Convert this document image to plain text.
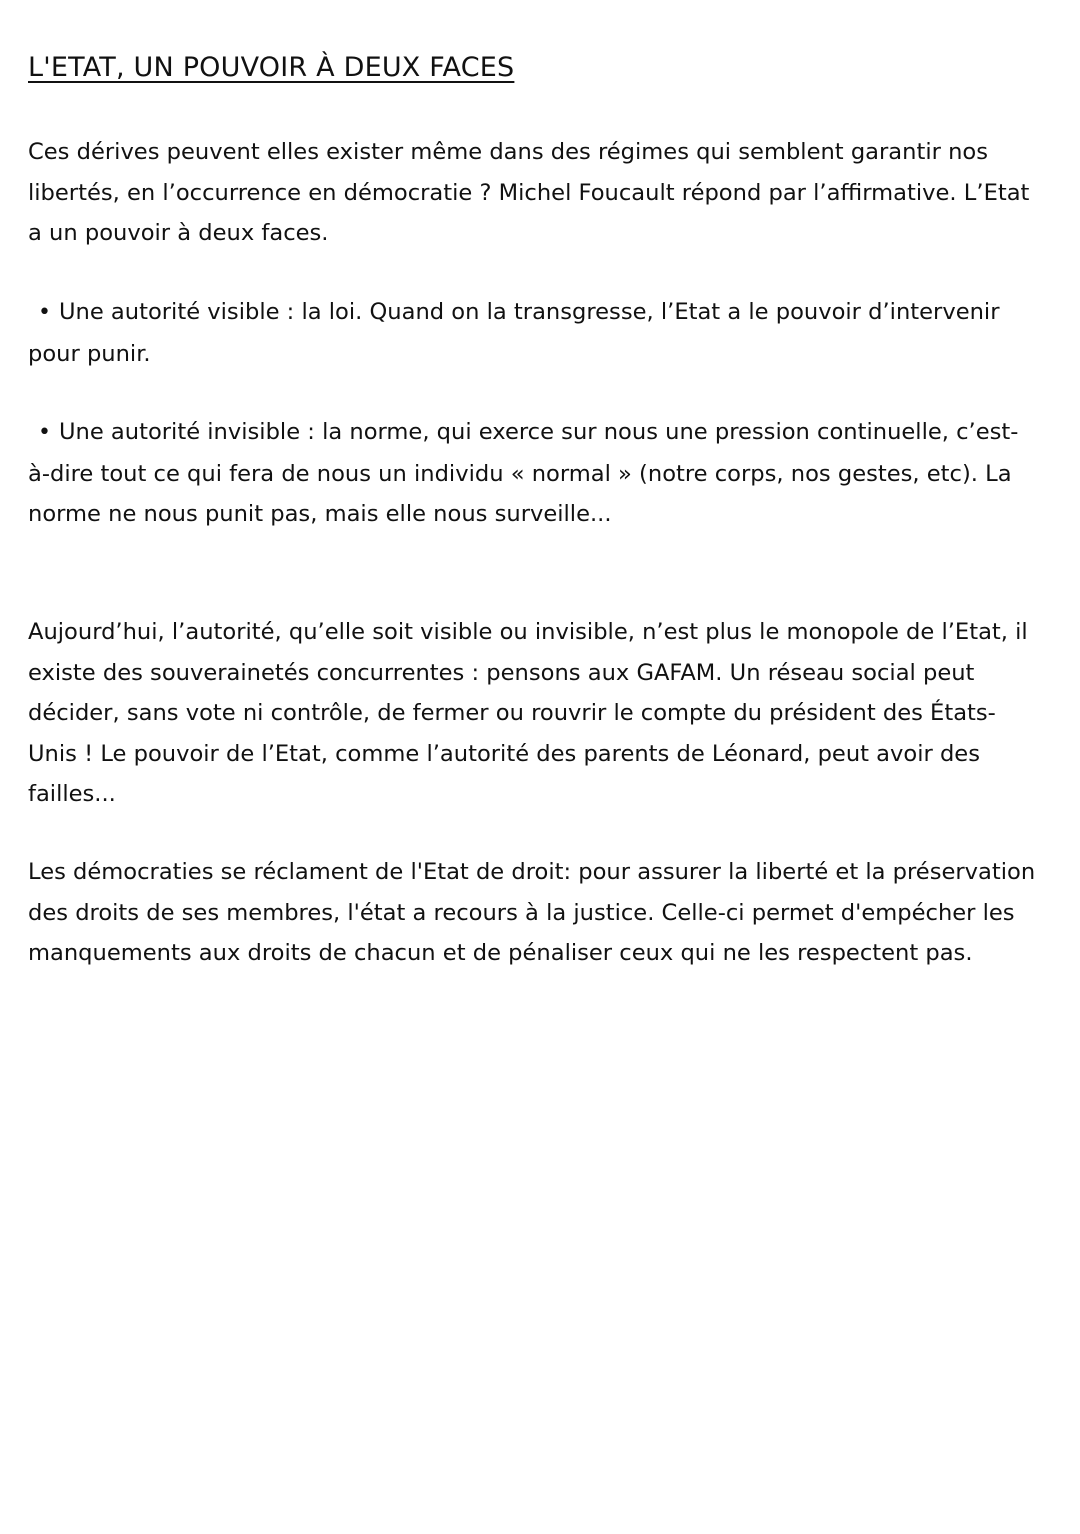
L'ETAT, UN POUVOIR À DEUX FACES

Ces dérives peuvent elles exister même dans des régimes qui semblent garantir nos libertés, en l’occurrence en démocratie ? Michel Foucault répond par l’affirmative. L’Etat a un pouvoir à deux faces.

• Une autorité visible : la loi. Quand on la transgresse, l’Etat a le pouvoir d’intervenir pour punir.

• Une autorité invisible : la norme, qui exerce sur nous une pression continuelle, c’est-à-dire tout ce qui fera de nous un individu « normal » (notre corps, nos gestes, etc). La norme ne nous punit pas, mais elle nous surveille...

Aujourd’hui, l’autorité, qu’elle soit visible ou invisible, n’est plus le monopole de l’Etat, il existe des souverainetés concurrentes : pensons aux GAFAM. Un réseau social peut décider, sans vote ni contrôle, de fermer ou rouvrir le compte du président des États-Unis ! Le pouvoir de l’Etat, comme l’autorité des parents de Léonard, peut avoir des failles...

Les démocraties se réclament de l'Etat de droit: pour assurer la liberté et la préservation des droits de ses membres, l'état a recours à la justice. Celle-ci permet d'empécher les manquements aux droits de chacun et de pénaliser ceux qui ne les respectent pas.
